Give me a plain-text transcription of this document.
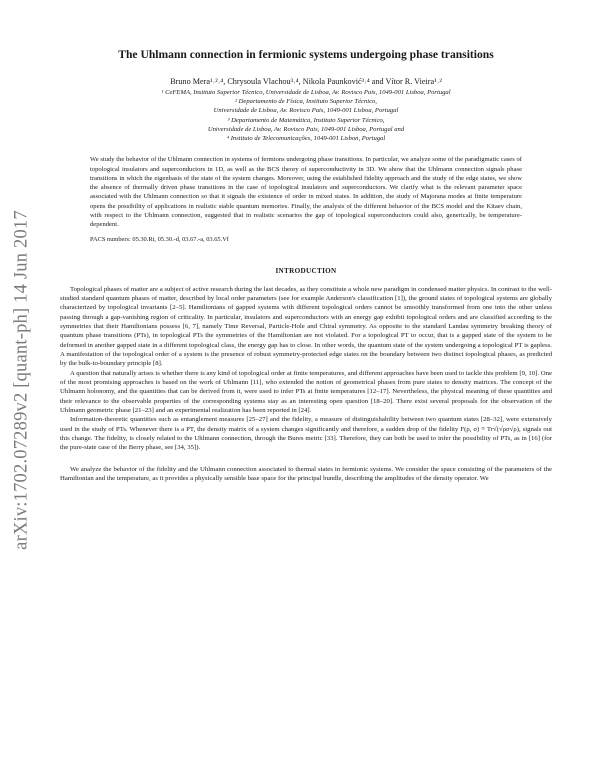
arXiv:1702.07289v2 [quant-ph] 14 Jun 2017
The Uhlmann connection in fermionic systems undergoing phase transitions
Bruno Mera¹˒²˒⁴, Chrysoula Vlachou³˒⁴, Nikola Paunković³˒⁴ and Vítor R. Vieira¹˒²
¹ CeFEMA, Instituto Superior Técnico, Universidade de Lisboa, Av. Rovisco Pais, 1049-001 Lisboa, Portugal
² Departamento de Física, Instituto Superior Técnico,
Universidade de Lisboa, Av. Rovisco Pais, 1049-001 Lisboa, Portugal
³ Departamento de Matemática, Instituto Superior Técnico,
Universidade de Lisboa, Av. Rovisco Pais, 1049-001 Lisboa, Portugal and
⁴ Instituto de Telecomunicações, 1049-001 Lisbon, Portugal
We study the behavior of the Uhlmann connection in systems of fermions undergoing phase transitions. In particular, we analyze some of the paradigmatic cases of topological insulators and superconductors in 1D, as well as the BCS theory of superconductivity in 3D. We show that the Uhlmann connection signals phase transitions in which the eigenbasis of the state of the system changes. Moreover, using the established fidelity approach and the study of the edge states, we show the absence of thermally driven phase transitions in the case of topological insulators and superconductors. We clarify what is the relevant parameter space associated with the Uhlmann connection so that it signals the existence of order in mixed states. In addition, the study of Majorana modes at finite temperature opens the possibility of applications in realistic stable quantum memories. Finally, the analysis of the different behavior of the BCS model and the Kitaev chain, with respect to the Uhlmann connection, suggested that in realistic scenarios the gap of topological superconductors could also, generically, be temperature-dependent.
PACS numbers: 05.30.Rt, 05.30.-d, 03.67.-a, 03.65.Vf
INTRODUCTION

Topological phases of matter are a subject of active research during the last decades, as they constitute a whole new paradigm in condensed matter physics. In contrast to the well-studied standard quantum phases of matter, described by local order parameters (see for example Anderson's classification [1]), the ground states of topological systems are globally characterized by topological invariants [2–5]. Hamiltonians of gapped systems with different topological orders cannot be smoothly transformed from one into the other unless passing through a gap-vanishing region of criticality. In particular, insulators and superconductors with an energy gap exhibit topological orders and are classified according to the symmetries that their Hamiltonians possess [6, 7], namely Time Reversal, Particle-Hole and Chiral symmetry. As opposite to the standard Landau symmetry breaking theory of quantum phase transitions (PTs), in topological PTs the symmetries of the Hamiltonian are not violated. For a topological PT to occur, that is a gapped state of the system to be deformed in another gapped state in a different topological class, the energy gap has to close. In other words, the quantum state of the system undergoing a topological PT is gapless. A manifestation of the topological order of a system is the presence of robust symmetry-protected edge states on the boundary between two distinct topological phases, as predicted by the bulk-to-boundary principle [8].

A question that naturally arises is whether there is any kind of topological order at finite temperatures, and different approaches have been used to tackle this problem [9, 10]. One of the most promising approaches is based on the work of Uhlmann [11], who extended the notion of geometrical phases from pure states to density matrices. The concept of the Uhlmann holonomy, and the quantities that can be derived from it, were used to infer PTs at finite temperatures [12–17]. Nevertheless, the physical meaning of these quantities and their relevance to the observable properties of the corresponding systems stay as an interesting open question [18–20]. There exist several proposals for the observation of the Uhlmann geometric phase [21–23] and an experimental realization has been reported in [24].

Information-theoretic quantities such as entanglement measures [25–27] and the fidelity, a measure of distinguishability between two quantum states [28–32], were extensively used in the study of PTs. Whenever there is a PT, the density matrix of a system changes significantly and therefore, a sudden drop of the fidelity F(ρ, σ) ≡ Tr√(√ρσ√ρ), signals out this change. The fidelity, is closely related to the Uhlmann connection, through the Bures metric [33]. Therefore, they can both be used to infer the possibility of PTs, as in [16] (for the pure-state case of the Berry phase, see [34, 35]).

We analyze the behavior of the fidelity and the Uhlmann connection associated to thermal states in fermionic systems. We consider the space consisting of the parameters of the Hamiltonian and the temperature, as it provides a physically sensible base space for the principal bundle, describing the amplitudes of the density operator. We
